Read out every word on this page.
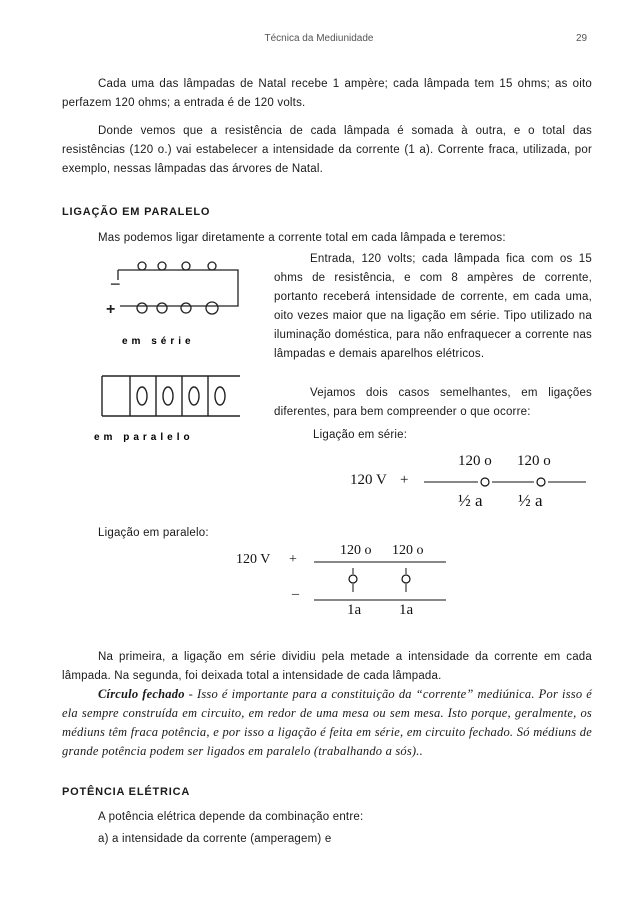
Técnica da Mediunidade	29
Cada uma das lâmpadas de Natal recebe 1 ampère; cada lâmpada tem 15 ohms; as oito perfazem 120 ohms; a entrada é de 120 volts.
Donde vemos que a resistência de cada lâmpada é somada à outra, e o total das resistências (120 o.) vai estabelecer a intensidade da corrente (1 a). Corrente fraca, utilizada, por exemplo, nessas lâmpadas das árvores de Natal.
LIGAÇÃO EM PARALELO
Mas podemos ligar diretamente a corrente total em cada lâmpada e teremos:
−
+
em série
em paralelo
Entrada, 120 volts; cada lâmpada fica com os 15 ohms de resistência, e com 8 ampères de corrente, portanto receberá intensidade de corrente, em cada uma, oito vezes maior que na ligação em série. Tipo utilizado na iluminação doméstica, para não enfraquecer a corrente nas lâmpadas e demais aparelhos elétricos.
Vejamos dois casos semelhantes, em ligações diferentes, para bem compreender o que ocorre:
Ligação em série:
120 o 120 o
120 V +
½ a ½ a
Ligação em paralelo:
120 o 120 o
120 V +
_
1a	1a
Na primeira, a ligação em série dividiu pela metade a intensidade da corrente em cada lâmpada. Na segunda, foi deixada total a intensidade de cada lâmpada.
Círculo fechado - Isso é importante para a constituição da “corrente” mediúnica. Por isso é ela sempre construída em circuito, em redor de uma mesa ou sem mesa. Isto porque, geralmente, os médiuns têm fraca potência, e por isso a ligação é feita em série, em circuito fechado. Só médiuns de grande potência podem ser ligados em paralelo (trabalhando a sós)..
POTÊNCIA ELÉTRICA
A potência elétrica depende da combinação entre:
a) a intensidade da corrente (amperagem) e
